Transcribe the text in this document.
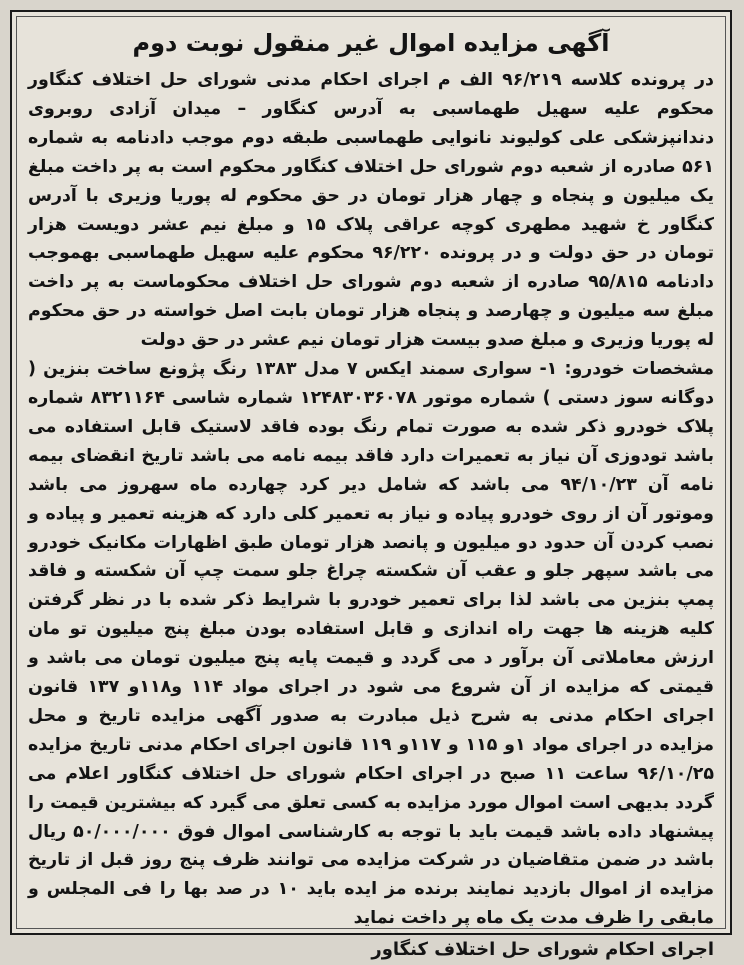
آگهی مزایده اموال غیر منقول نوبت دوم

در پرونده کلاسه ۹۶/۲۱۹ الف م اجرای احکام مدنی شورای حل اختلاف کنگاور محکوم علیه سهیل طهماسبی به آدرس کنگاور – میدان آزادی روبروی دندانپزشکی علی کولیوند نانوایی طهماسبی طبقه دوم موجب دادنامه به شماره ۵۶۱ صادره از شعبه دوم شورای حل اختلاف کنگاور محکوم است به پر داخت مبلغ یک میلیون و پنجاه و چهار هزار تومان در حق محکوم له پوریا وزیری با آدرس کنگاور خ شهید مطهری کوچه عراقی پلاک ۱۵ و مبلغ نیم عشر دویست هزار تومان در حق دولت و در پرونده ۹۶/۲۲۰ محکوم علیه سهیل طهماسبی بهموجب دادنامه ۹۵/۸۱۵ صادره از شعبه دوم شورای حل اختلاف محکوماست به پر داخت مبلغ سه میلیون و چهارصد و پنجاه هزار تومان بابت اصل خواسته در حق محکوم له پوریا وزیری و مبلغ صدو بیست هزار تومان نیم عشر در حق دولت

مشخصات خودرو: ۱- سواری سمند ایکس ۷ مدل ۱۳۸۳ رنگ پژونع ساخت بنزین ( دوگانه سوز دستی ) شماره موتور ۱۲۴۸۳۰۳۶۰۷۸ شماره شاسی ۸۳۲۱۱۶۴ شماره پلاک خودرو ذکر شده به صورت تمام رنگ بوده فاقد لاستیک قابل استفاده می باشد تودوزی آن نیاز به تعمیرات دارد فاقد بیمه نامه می باشد تاریخ انقضای بیمه نامه آن ۹۴/۱۰/۲۳ می باشد که شامل دیر کرد چهارده ماه سهروز می باشد وموتور آن از روی خودرو پیاده و نیاز به تعمیر کلی دارد که هزینه تعمیر و پیاده و نصب کردن آن حدود دو میلیون و پانصد هزار تومان طبق اظهارات مکانیک خودرو می باشد سپهر جلو و عقب آن شکسته چراغ جلو سمت چپ آن شکسته و فاقد پمپ بنزین می باشد لذا برای تعمیر خودرو با شرایط ذکر شده با در نظر گرفتن کلیه هزینه ها جهت راه اندازی و قابل استفاده بودن مبلغ پنج میلیون تو مان ارزش معاملاتی آن برآور د می گردد و قیمت پایه پنج میلیون تومان می باشد و قیمتی که مزایده از آن شروع می شود در اجرای مواد ۱۱۴ و۱۱۸و ۱۳۷ قانون اجرای احکام مدنی به شرح ذیل مبادرت به صدور آگهی مزایده تاریخ و محل مزایده در اجرای مواد ۱و ۱۱۵ و ۱۱۷و ۱۱۹ قانون اجرای احکام مدنی تاریخ مزایده ۹۶/۱۰/۲۵ ساعت ۱۱ صبح در اجرای احکام شورای حل اختلاف کنگاور اعلام می گردد بدیهی است اموال مورد مزایده به کسی تعلق می گیرد که بیشترین قیمت را پیشنهاد داده باشد قیمت باید با توجه به کارشناسی اموال فوق ۵۰/۰۰۰/۰۰۰ ریال باشد در ضمن متقاضیان در شرکت مزایده می توانند ظرف پنج روز قبل از تاریخ مزایده از اموال بازدید نمایند برنده مز ایده باید ۱۰ در صد بها را فی المجلس و مابقی را ظرف مدت یک ماه پر داخت نماید

اجرای احکام شورای حل اختلاف کنگاور
